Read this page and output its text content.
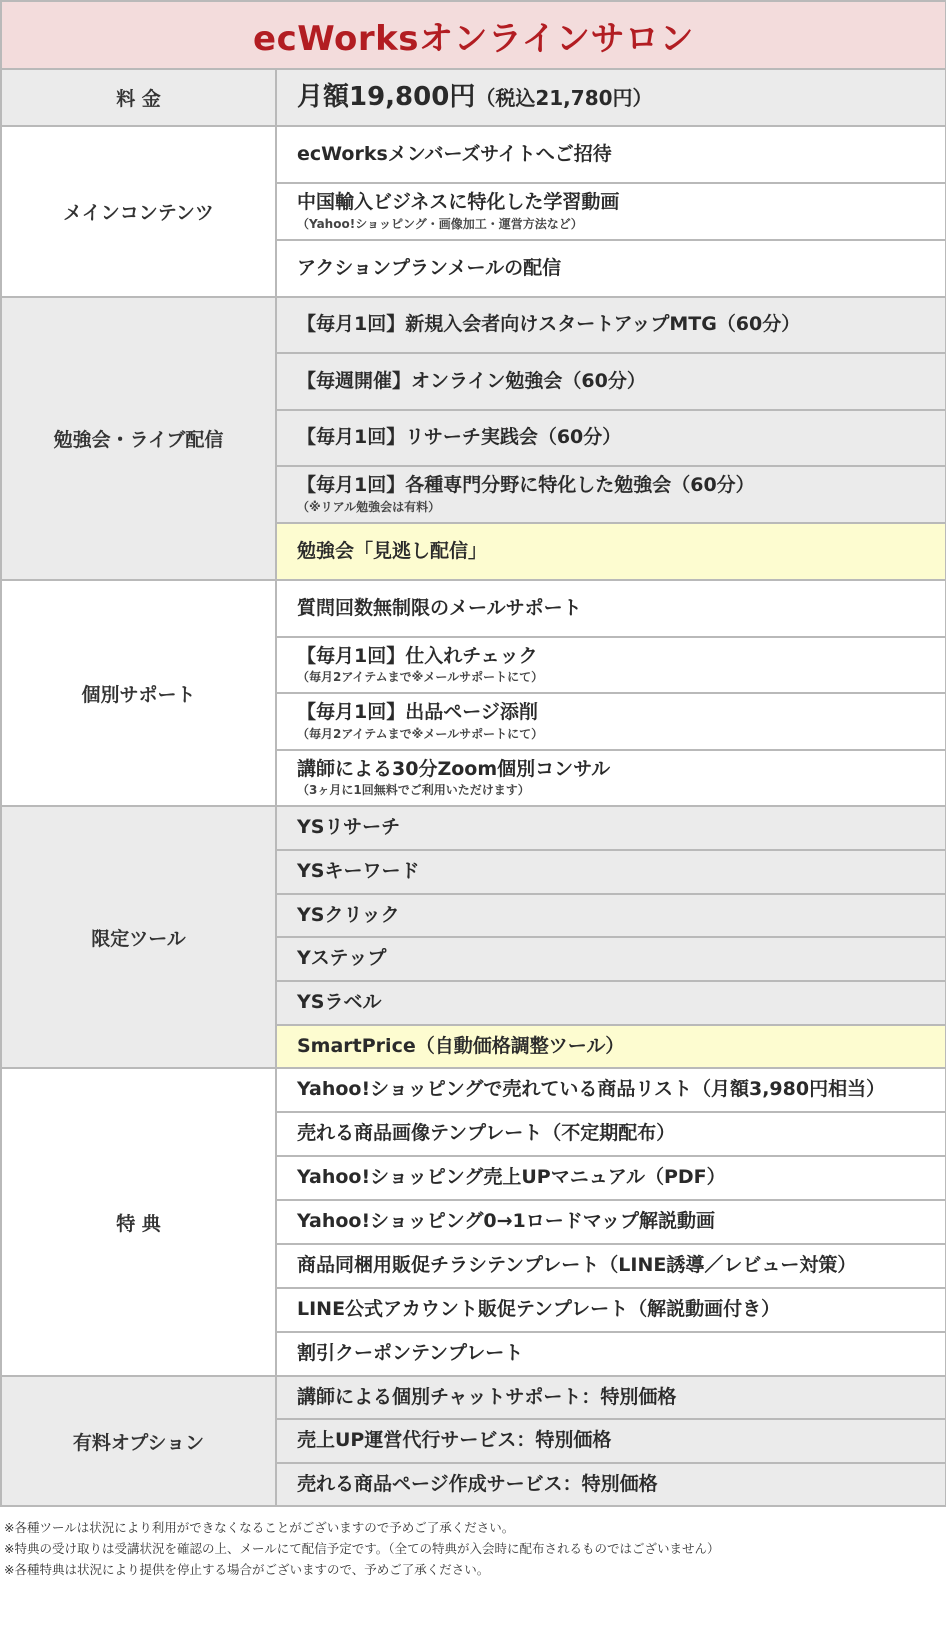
ecWorksオンラインサロン	
料 金	月額19,800円（税込21,780円）
メインコンテンツ	ecWorksメンバーズサイトへご招待
	中国輸入ビジネスに特化した学習動画
（Yahoo!ショッピング・画像加工・運営方法など）

	アクションプランメールの配信
勉強会・ライブ配信	【毎月1回】新規入会者向けスタートアップMTG（60分）
	【毎週開催】オンライン勉強会（60分）
	【毎月1回】リサーチ実践会（60分）
	【毎月1回】各種専門分野に特化した勉強会（60分）
（※リアル勉強会は有料）

	勉強会「見逃し配信」
個別サポート	質問回数無制限のメールサポート
	【毎月1回】仕入れチェック
（毎月2アイテムまで※メールサポートにて）

	【毎月1回】出品ページ添削
（毎月2アイテムまで※メールサポートにて）

	講師による30分Zoom個別コンサル
（3ヶ月に1回無料でご利用いただけます）

限定ツール	YSリサーチ
	YSキーワード
	YSクリック
	Yステップ
	YSラベル
	SmartPrice（自動価格調整ツール）
特 典	Yahoo!ショッピングで売れている商品リスト（月額3,980円相当）
	売れる商品画像テンプレート（不定期配布）
	Yahoo!ショッピング売上UPマニュアル（PDF）
	Yahoo!ショッピング0→1ロードマップ解説動画
	商品同梱用販促チラシテンプレート（LINE誘導／レビュー対策）
	LINE公式アカウント販促テンプレート（解説動画付き）
	割引クーポンテンプレート
有料オプション	講師による個別チャットサポート：特別価格
	売上UP運営代行サービス：特別価格
	売れる商品ページ作成サービス：特別価格
※各種ツールは状況により利用ができなくなることがございますので予めご了承ください。
※特典の受け取りは受講状況を確認の上、メールにて配信予定です。（全ての特典が入会時に配布されるものではございません）
※各種特典は状況により提供を停止する場合がございますので、予めご了承ください。
